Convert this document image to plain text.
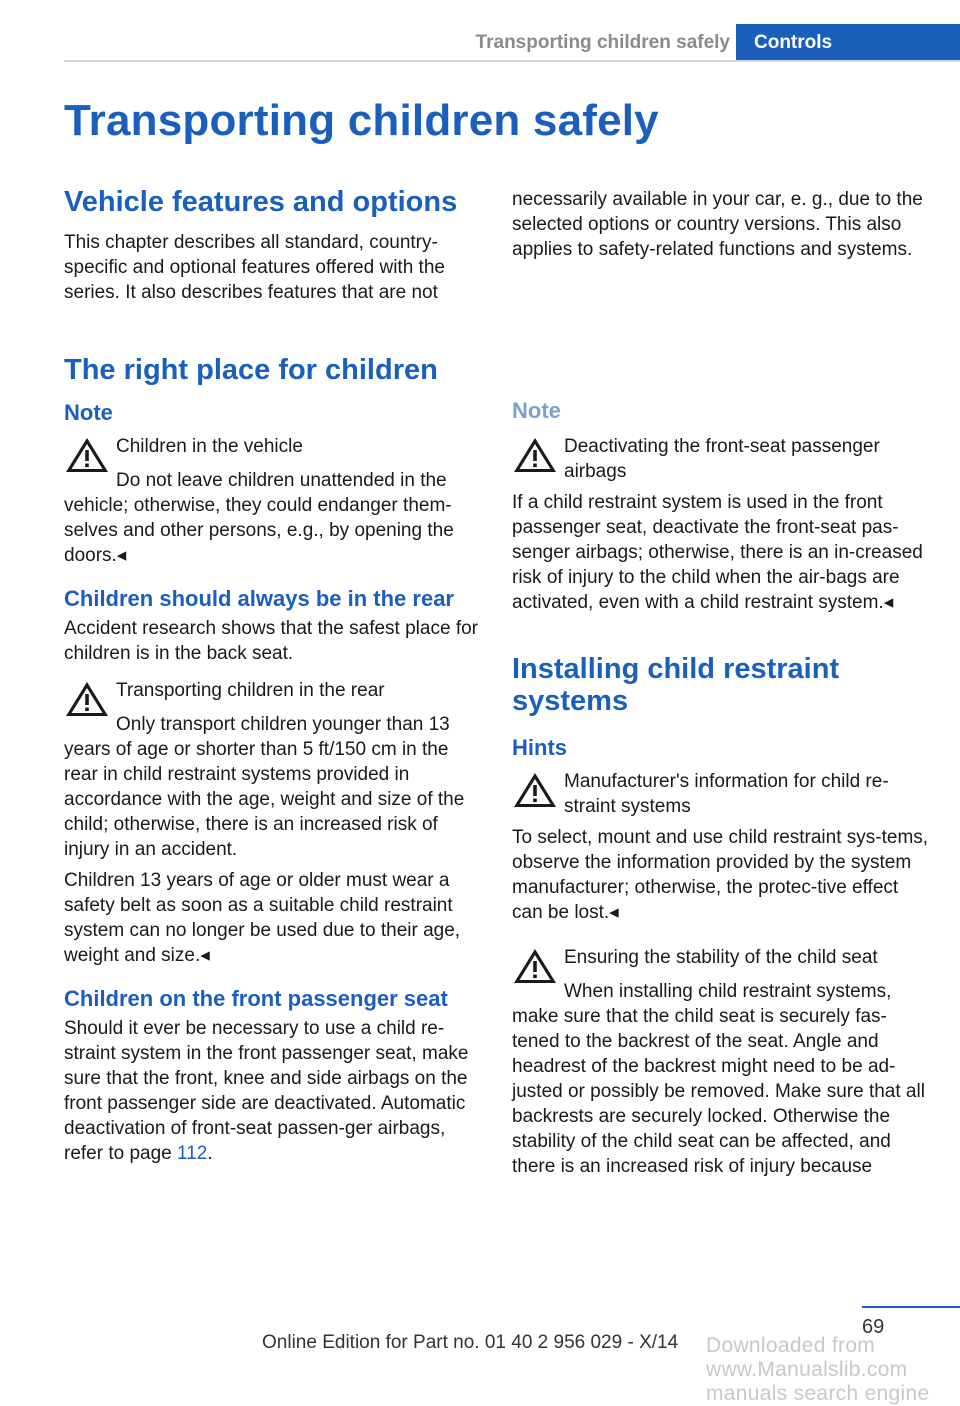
Transporting children safely	Controls
Transporting children safely
Vehicle features and options

This chapter describes all standard, country-specific and optional features offered with the series. It also describes features that are not

necessarily available in your car, e. g., due to the selected options or country versions. This also applies to safety-related functions and systems.

The right place for children
Note
Children in the vehicle

Do not leave children unattended in the vehicle; otherwise, they could endanger them-selves and other persons, e.g., by opening the doors.◂

Children should always be in the rear

Accident research shows that the safest place for children is in the back seat.

Transporting children in the rear

Only transport children younger than 13 years of age or shorter than 5 ft/150 cm in the rear in child restraint systems provided in accordance with the age, weight and size of the child; otherwise, there is an increased risk of injury in an accident.

Children 13 years of age or older must wear a safety belt as soon as a suitable child restraint system can no longer be used due to their age, weight and size.◂

Children on the front passenger seat

Should it ever be necessary to use a child re-straint system in the front passenger seat, make sure that the front, knee and side airbags on the front passenger side are deactivated. Automatic deactivation of front-seat passen-ger airbags, refer to page 112.

Note
Deactivating the front-seat passenger airbags

If a child restraint system is used in the front passenger seat, deactivate the front-seat pas-senger airbags; otherwise, there is an in-creased risk of injury to the child when the air-bags are activated, even with a child restraint system.◂

Installing child restraint systems
Hints
Manufacturer's information for child re-straint systems

To select, mount and use child restraint sys-tems, observe the information provided by the system manufacturer; otherwise, the protec-tive effect can be lost.◂

Ensuring the stability of the child seat

When installing child restraint systems, make sure that the child seat is securely fas-tened to the backrest of the seat. Angle and headrest of the backrest might need to be ad-justed or possibly be removed. Make sure that all backrests are securely locked. Otherwise the stability of the child seat can be affected, and there is an increased risk of injury because

69
Online Edition for Part no. 01 40 2 956 029 - X/14 Downloaded from www.Manualslib.com manuals search engine
